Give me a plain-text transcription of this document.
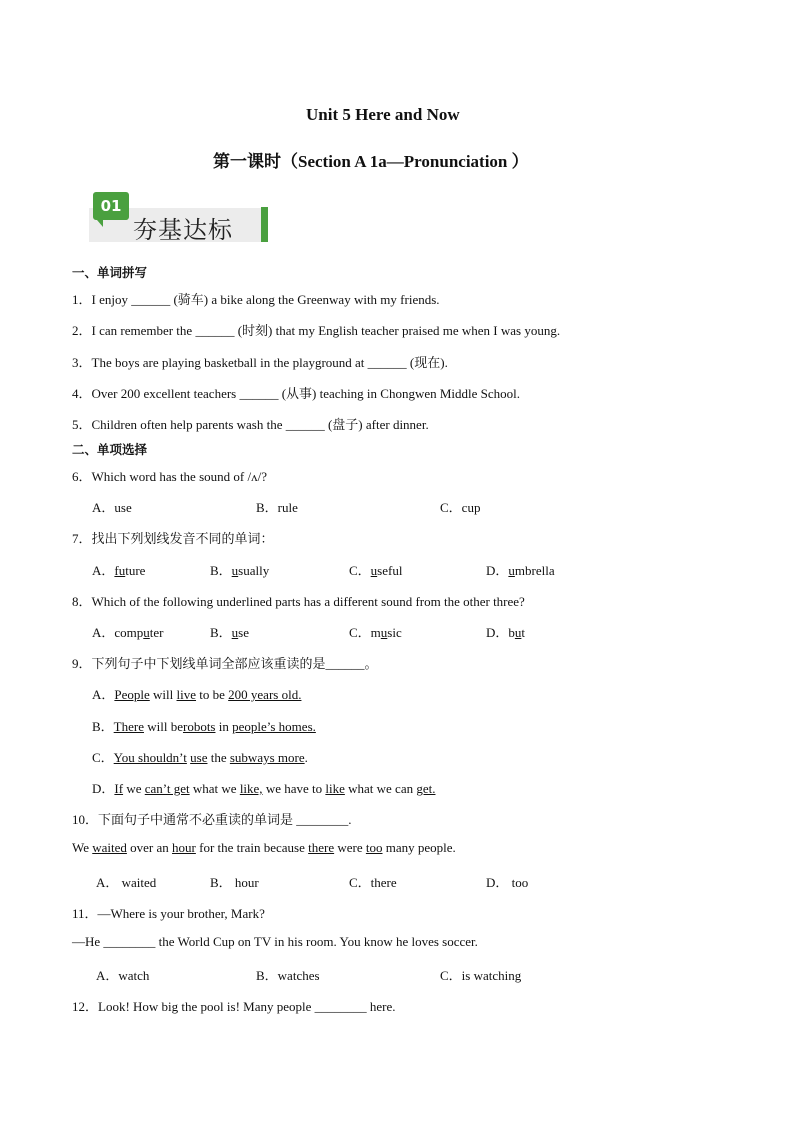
Unit 5 Here and Now
第一课时（Section A 1a—Pronunciation ）
01
夯基达标
一、单词拼写
1．I enjoy ______ (骑车) a bike along the Greenway with my friends.
2．I can remember the ______ (时刻) that my English teacher praised me when I was young.
3．The boys are playing basketball in the playground at ______ (现在).
4．Over 200 excellent teachers ______ (从事) teaching in Chongwen Middle School.
5．Children often help parents wash the ______ (盘子) after dinner.
二、单项选择
6．Which word has the sound of /ʌ/?
A．use	B．rule	C．cup
7．找出下列划线发音不同的单词：
A．future	B．usually	C．useful	D．umbrella
8．Which of the following underlined parts has a different sound from the other three?
A．computer	B．use	C．music	D．but
9．下列句子中下划线单词全部应该重读的是______。
A．People will live to be 200 years old.
B．There will berobots in people’s homes.
C．You shouldn’t use the subways more.
D．If we can’t get what we like, we have to like what we can get.
10．下面句子中通常不必重读的单词是 ________.
We waited over an hour for the train because there were too many people.
A． waited	B． hour	C．there	D． too
11．—Where is your brother, Mark?
—He ________ the World Cup on TV in his room. You know he loves soccer.
A．watch	B．watches	C．is watching
12．Look! How big the pool is! Many people ________ here.
